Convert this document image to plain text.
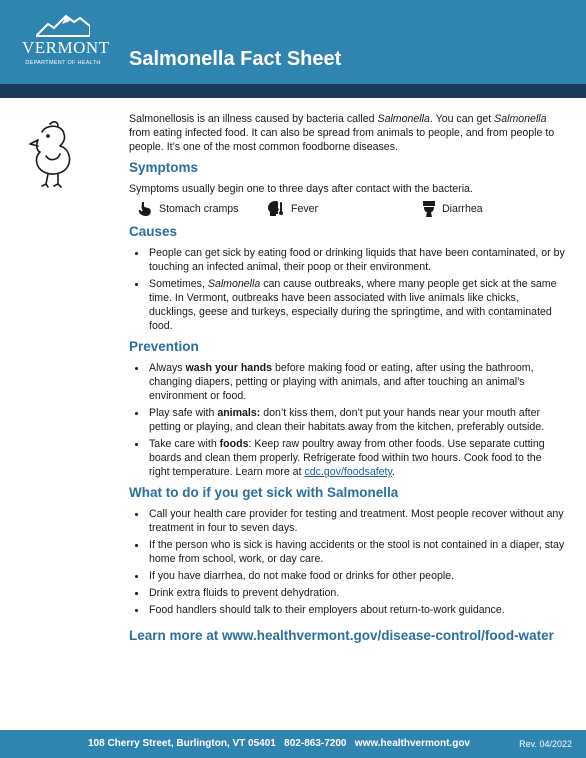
VERMONT
DEPARTMENT OF HEALTH Salmonella Fact Sheet

Salmonellosis is an illness caused by bacteria called Salmonella. You can get Salmonella from eating infected food. It can also be spread from animals to people, and from people to people. It’s one of the most common foodborne diseases.

Symptoms

Symptoms usually begin one to three days after contact with the bacteria.

Stomach cramps	Fever	Diarrhea
Causes
• People can get sick by eating food or drinking liquids that have been contaminated, or by touching an infected animal, their poop or their environment.
• Sometimes, Salmonella can cause outbreaks, where many people get sick at the same time. In Vermont, outbreaks have been associated with live animals like chicks, ducklings, geese and turkeys, especially during the springtime, and with contaminated food.
Prevention
• Always wash your hands before making food or eating, after using the bathroom, changing diapers, petting or playing with animals, and after touching an animal’s environment or food.
• Play safe with animals: don’t kiss them, don’t put your hands near your mouth after petting or playing, and clean their habitats away from the kitchen, preferably outside.
• Take care with foods: Keep raw poultry away from other foods. Use separate cutting boards and clean them properly. Refrigerate food within two hours. Cook food to the right temperature. Learn more at cdc.gov/foodsafety.
What to do if you get sick with Salmonella
• Call your health care provider for testing and treatment. Most people recover without any treatment in four to seven days.
• If the person who is sick is having accidents or the stool is not contained in a diaper, stay home from school, work, or day care.
• If you have diarrhea, do not make food or drinks for other people.
• Drink extra fluids to prevent dehydration.
• Food handlers should talk to their employers about return-to-work guidance.

Learn more at www.healthvermont.gov/disease-control/food-water

108 Cherry Street, Burlington, VT 05401   802-863-7200   www.healthvermont.gov	Rev. 04/2022
